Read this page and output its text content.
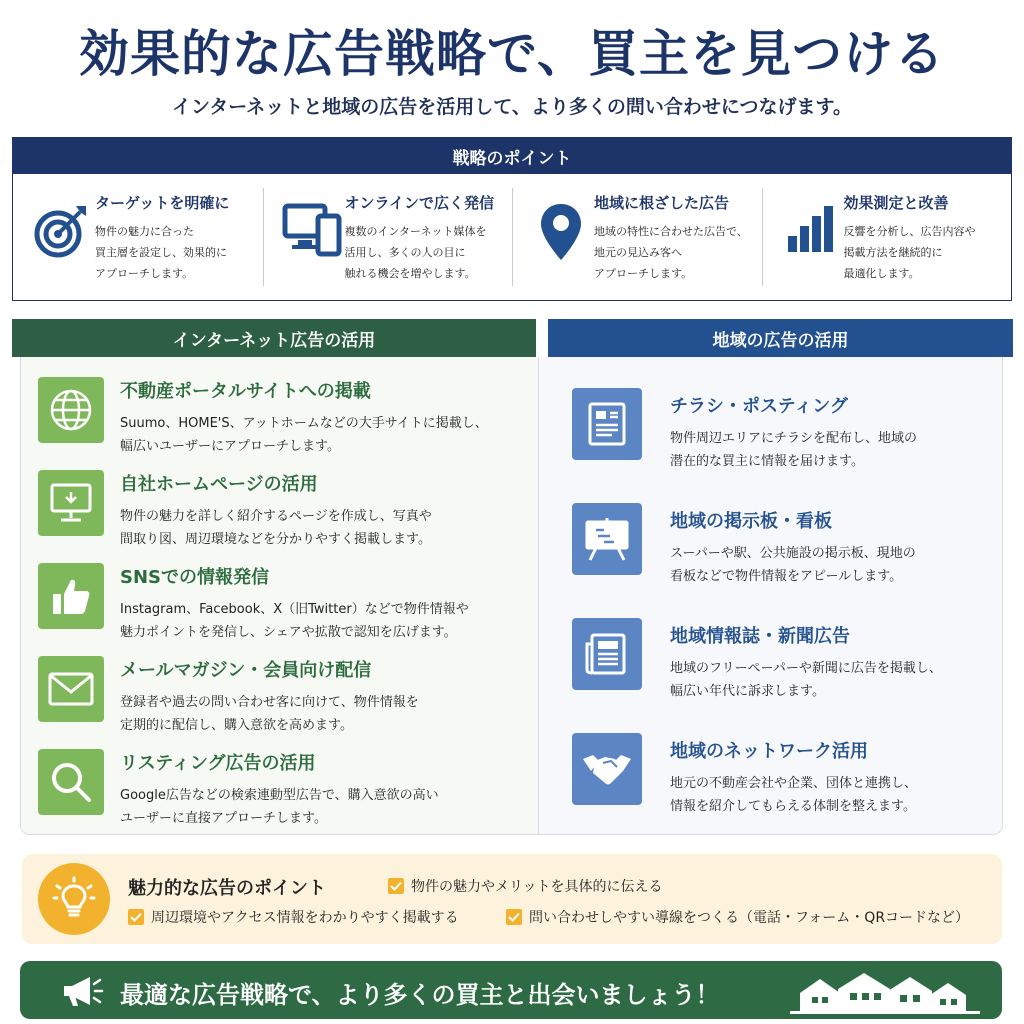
効果的な広告戦略で、買主を見つける
インターネットと地域の広告を活用して、より多くの問い合わせにつなげます。
戦略のポイント
ターゲットを明確に
物件の魅力に合った
買主層を設定し、効果的に
アプローチします。
オンラインで広く発信
複数のインターネット媒体を
活用し、多くの人の目に
触れる機会を増やします。
地域に根ざした広告
地域の特性に合わせた広告で、
地元の見込み客へ
アプローチします。
効果測定と改善
反響を分析し、広告内容や
掲載方法を継続的に
最適化します。
インターネット広告の活用	地域の広告の活用
不動産ポータルサイトへの掲載
Suumo、HOME'S、アットホームなどの大手サイトに掲載し、
幅広いユーザーにアプローチします。
自社ホームページの活用
物件の魅力を詳しく紹介するページを作成し、写真や
間取り図、周辺環境などを分かりやすく掲載します。
SNSでの情報発信
Instagram、Facebook、X（旧Twitter）などで物件情報や
魅力ポイントを発信し、シェアや拡散で認知を広げます。
メールマガジン・会員向け配信
登録者や過去の問い合わせ客に向けて、物件情報を
定期的に配信し、購入意欲を高めます。
リスティング広告の活用
Google広告などの検索連動型広告で、購入意欲の高い
ユーザーに直接アプローチします。
チラシ・ポスティング
物件周辺エリアにチラシを配布し、地域の
潜在的な買主に情報を届けます。
地域の掲示板・看板
スーパーや駅、公共施設の掲示板、現地の
看板などで物件情報をアピールします。
地域情報誌・新聞広告
地域のフリーペーパーや新聞に広告を掲載し、
幅広い年代に訴求します。
地域のネットワーク活用
地元の不動産会社や企業、団体と連携し、
情報を紹介してもらえる体制を整えます。
魅力的な広告のポイント	物件の魅力やメリットを具体的に伝える
周辺環境やアクセス情報をわかりやすく掲載する	問い合わせしやすい導線をつくる（電話・フォーム・QRコードなど）
最適な広告戦略で、より多くの買主と出会いましょう！
